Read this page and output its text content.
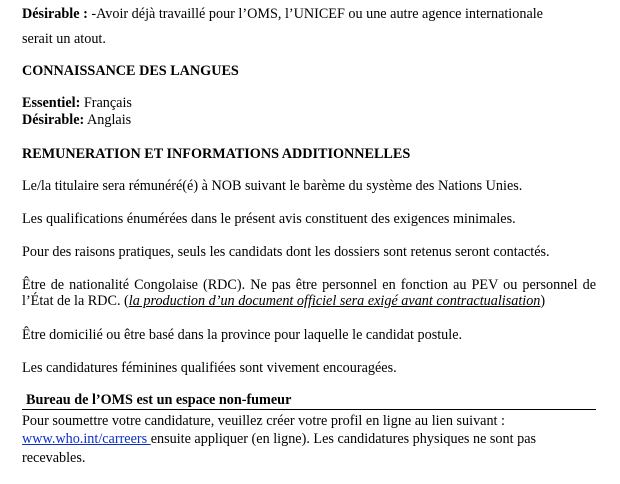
Désirable : -Avoir déjà travaillé pour l’OMS, l’UNICEF ou une autre agence internationale
serait un atout.
CONNAISSANCE DES LANGUES
Essentiel: Français
Désirable: Anglais
REMUNERATION ET INFORMATIONS ADDITIONNELLES
Le/la titulaire sera rémunéré(é) à NOB suivant le barème du système des Nations Unies.
Les qualifications énumérées dans le présent avis constituent des exigences minimales.
Pour des raisons pratiques, seuls les candidats dont les dossiers sont retenus seront contactés.
Être de nationalité Congolaise (RDC). Ne pas être personnel en fonction au PEV ou personnel de
l’État de la RDC. (la production d’un document officiel sera exigé avant contractualisation)
Être domicilié ou être basé dans la province pour laquelle le candidat postule.
Les candidatures féminines qualifiées sont vivement encouragées.
Bureau de l’OMS est un espace non-fumeur
Pour soumettre votre candidature, veuillez créer votre profil en ligne au lien suivant :
www.who.int/carreers ensuite appliquer (en ligne). Les candidatures physiques ne sont pas
recevables.
